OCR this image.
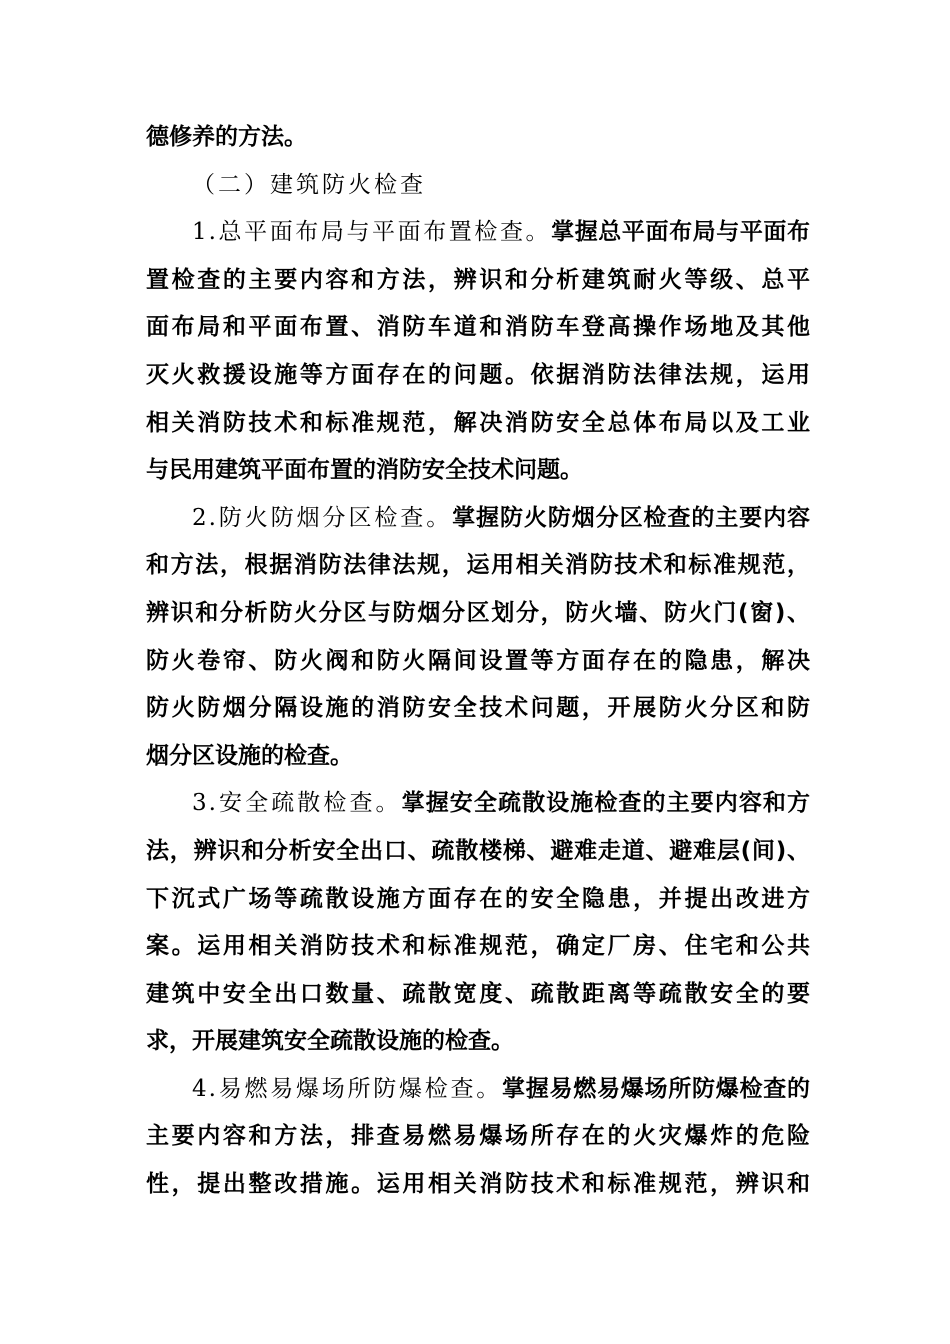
德修养的方法。
（二）建筑防火检查
1.总平面布局与平面布置检查。掌握总平面布局与平面布
置检查的主要内容和方法，辨识和分析建筑耐火等级、总平
面布局和平面布置、消防车道和消防车登高操作场地及其他
灭火救援设施等方面存在的问题。依据消防法律法规，运用
相关消防技术和标准规范，解决消防安全总体布局以及工业
与民用建筑平面布置的消防安全技术问题。
2.防火防烟分区检查。掌握防火防烟分区检查的主要内容
和方法，根据消防法律法规，运用相关消防技术和标准规范，
辨识和分析防火分区与防烟分区划分，防火墙、防火门(窗)、
防火卷帘、防火阀和防火隔间设置等方面存在的隐患，解决
防火防烟分隔设施的消防安全技术问题，开展防火分区和防
烟分区设施的检查。
3.安全疏散检查。掌握安全疏散设施检查的主要内容和方
法，辨识和分析安全出口、疏散楼梯、避难走道、避难层(间)、
下沉式广场等疏散设施方面存在的安全隐患，并提出改进方
案。运用相关消防技术和标准规范，确定厂房、住宅和公共
建筑中安全出口数量、疏散宽度、疏散距离等疏散安全的要
求，开展建筑安全疏散设施的检查。
4.易燃易爆场所防爆检查。掌握易燃易爆场所防爆检查的
主要内容和方法，排查易燃易爆场所存在的火灾爆炸的危险
性，提出整改措施。运用相关消防技术和标准规范，辨识和
